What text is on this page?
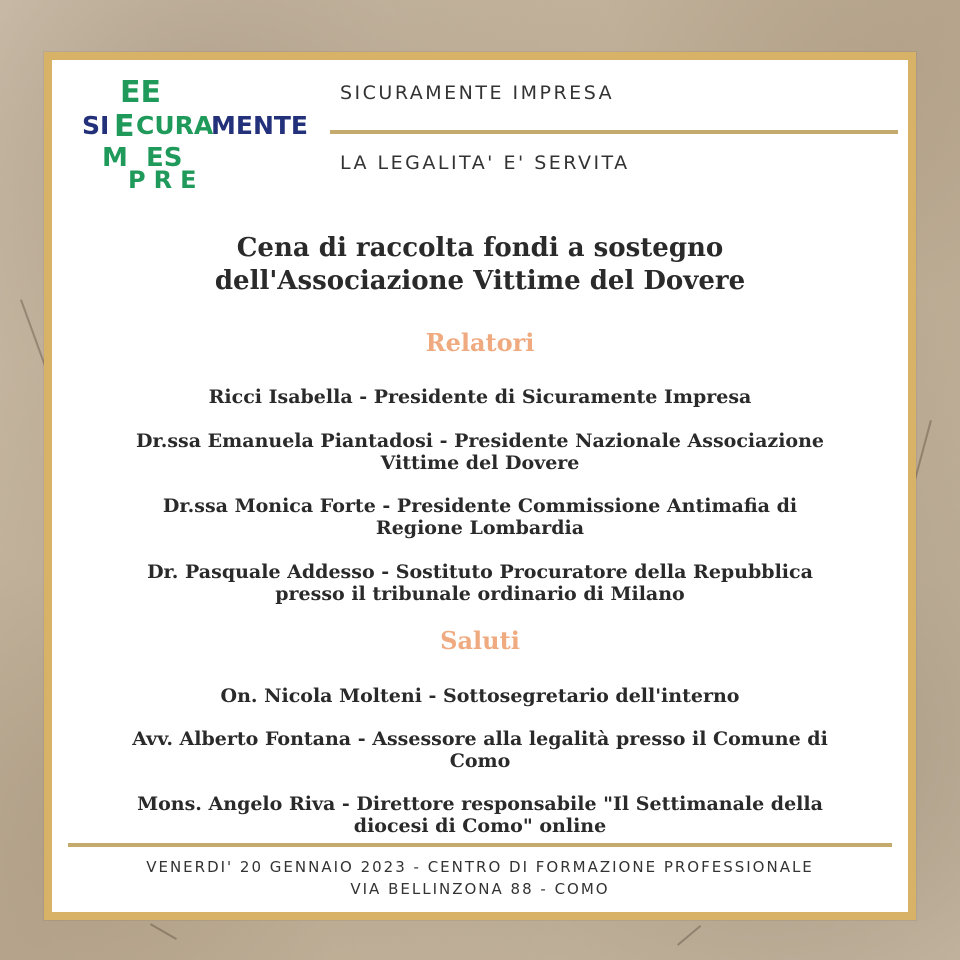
EE
SI E CURA
MENTE
M  ES
PRE
SICURAMENTE IMPRESA
LA LEGALITA' E' SERVITA
Cena di raccolta fondi a sostegno
dell'Associazione Vittime del Dovere
Relatori
Ricci Isabella - Presidente di Sicuramente Impresa
Dr.ssa Emanuela Piantadosi - Presidente Nazionale Associazione
Vittime del Dovere
Dr.ssa Monica Forte - Presidente Commissione Antimafia di
Regione Lombardia
Dr. Pasquale Addesso - Sostituto Procuratore della Repubblica
presso il tribunale ordinario di Milano
Saluti
On. Nicola Molteni - Sottosegretario dell'interno
Avv. Alberto Fontana - Assessore alla legalità presso il Comune di
Como
Mons. Angelo Riva - Direttore responsabile "Il Settimanale della
diocesi di Como" online
VENERDI' 20 GENNAIO 2023 - CENTRO DI FORMAZIONE PROFESSIONALE
VIA BELLINZONA 88 - COMO
